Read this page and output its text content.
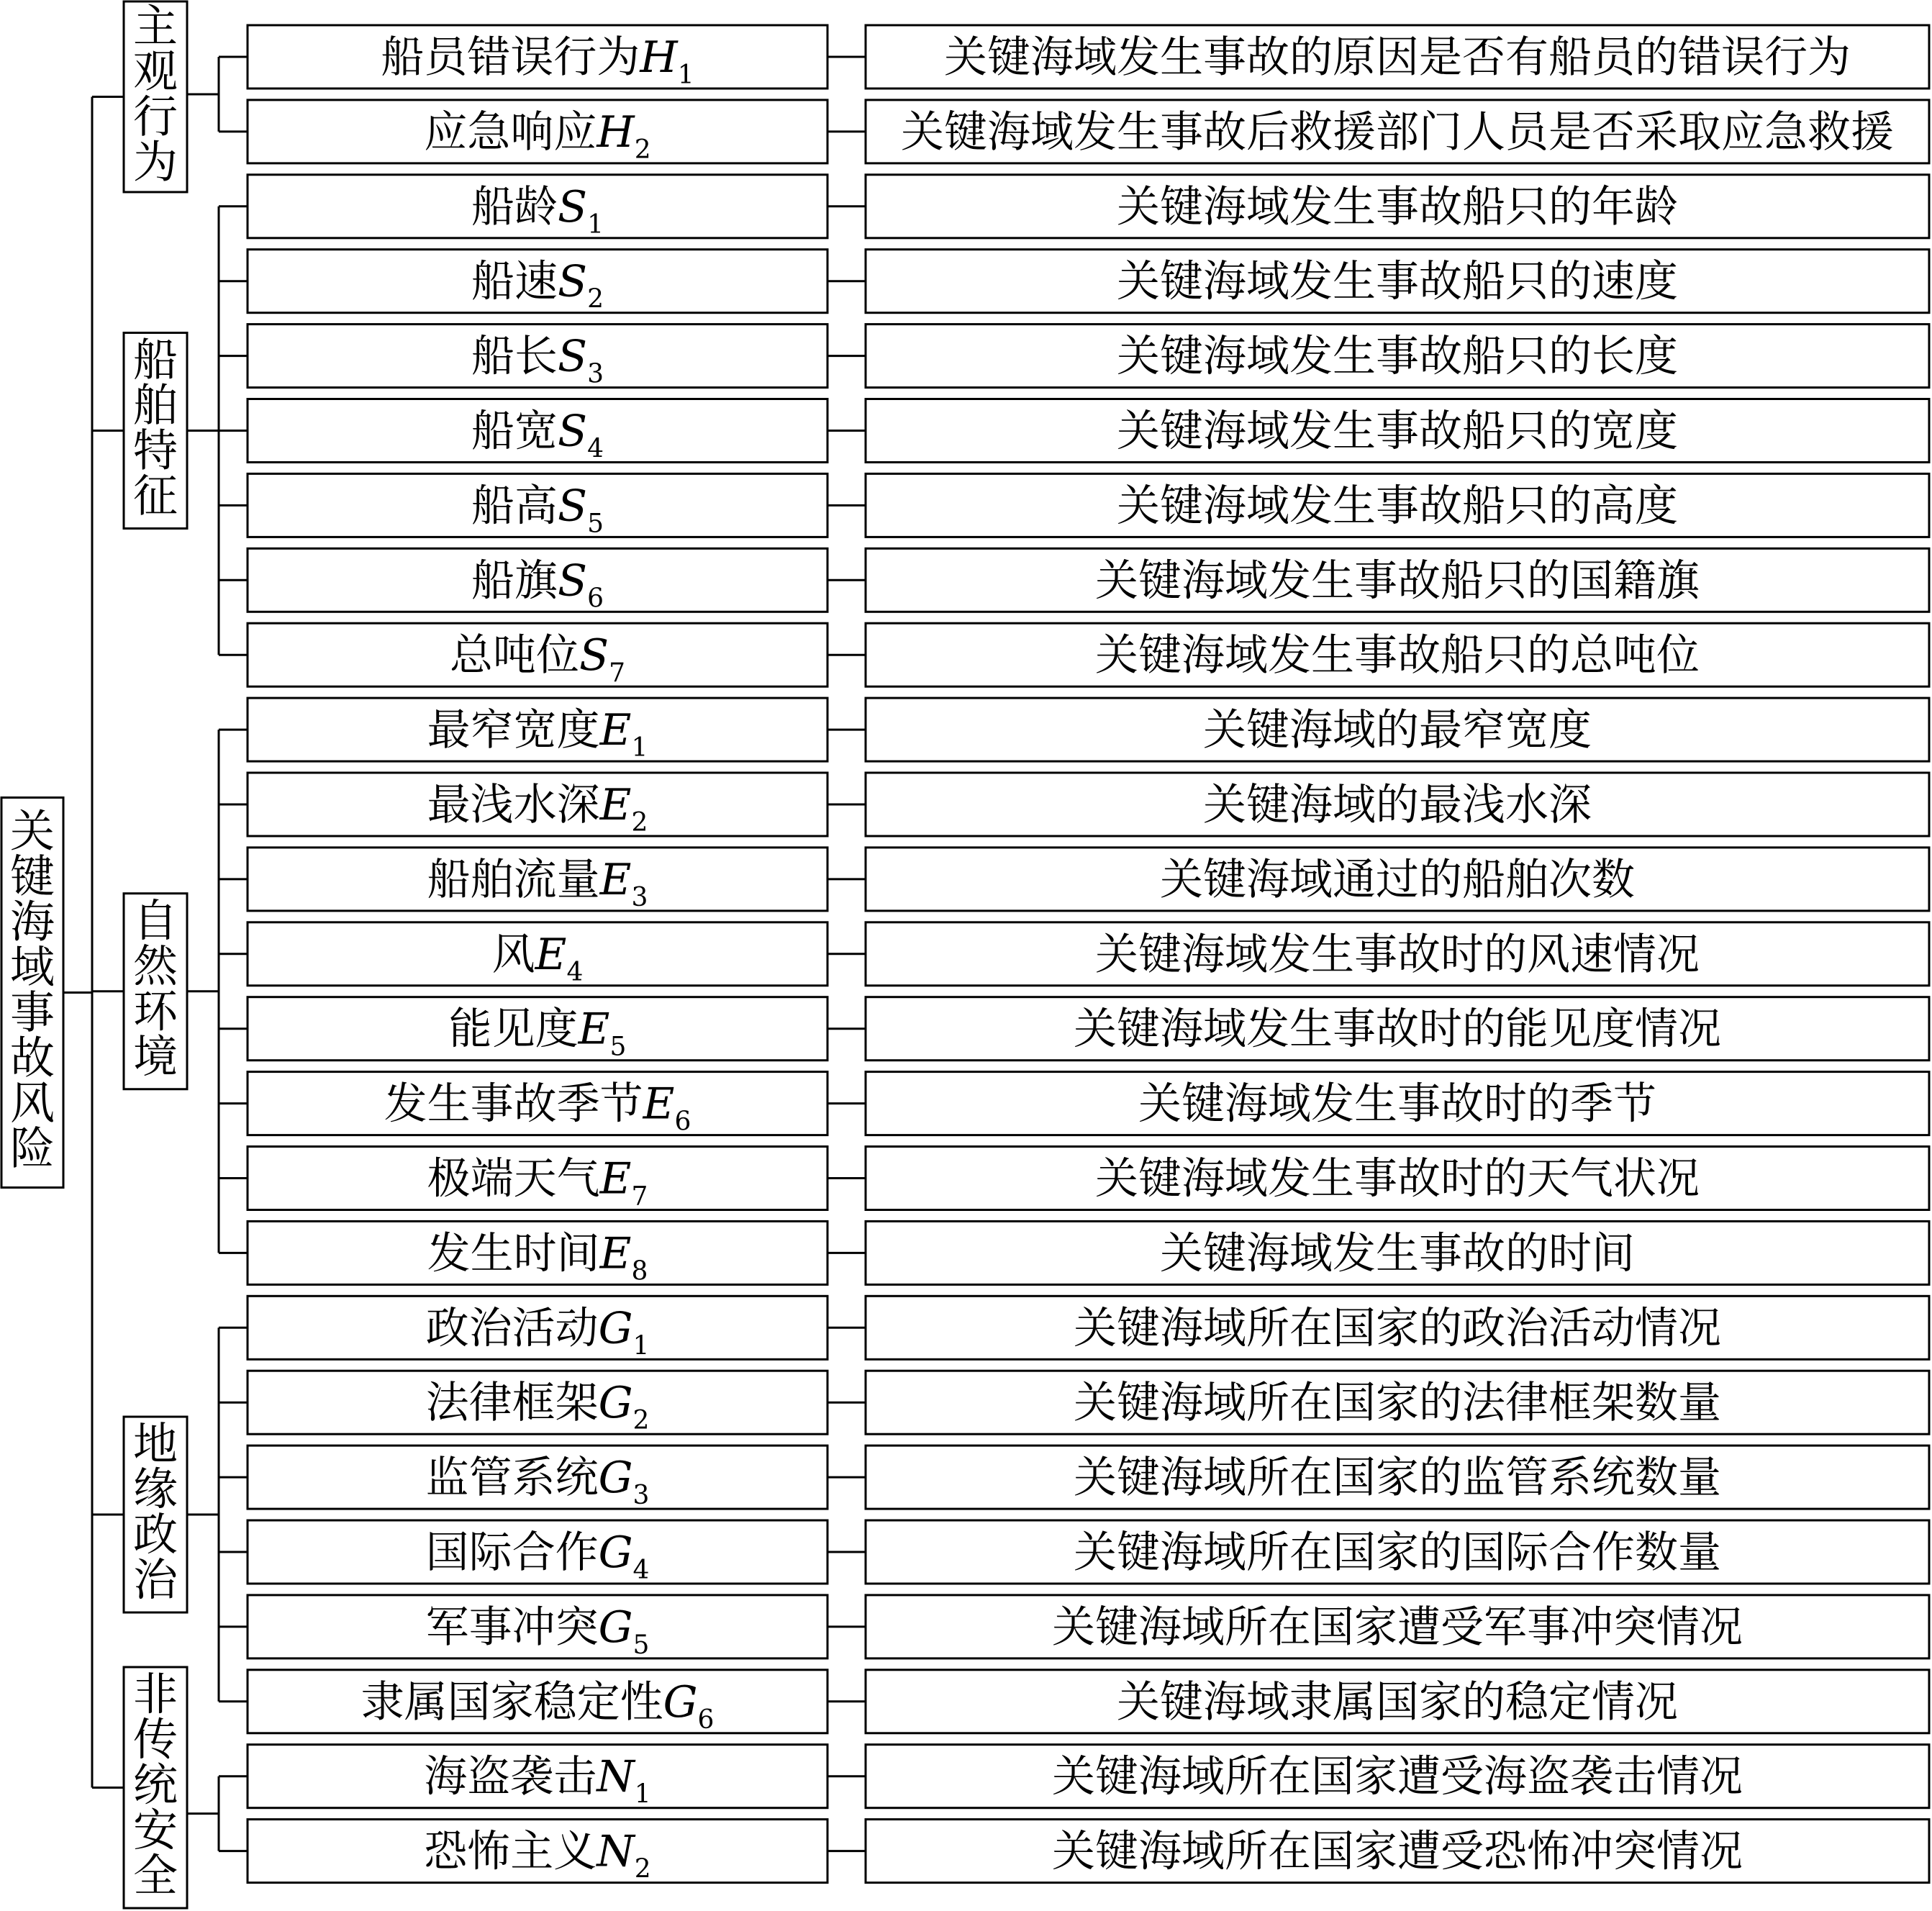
船员错误行为$H_1$	关键海域发生事故的原因是否有船员的错误行为
应急响应$H_2$	关键海域发生事故后救援部门人员是否采取应急救援
主观行为
船龄$S_1$	关键海域发生事故船只的年龄
船速$S_2$	关键海域发生事故船只的速度
船长$S_3$	关键海域发生事故船只的长度
船宽$S_4$	关键海域发生事故船只的宽度
船高$S_5$	关键海域发生事故船只的高度
船旗$S_6$	关键海域发生事故船只的国籍旗
总吨位$S_7$	关键海域发生事故船只的总吨位
船舶特征
最窄宽度$E_1$	关键海域的最窄宽度
最浅水深$E_2$	关键海域的最浅水深
船舶流量$E_3$	关键海域通过的船舶次数
风$E_4$	关键海域发生事故时的风速情况
能见度$E_5$	关键海域发生事故时的能见度情况
发生事故季节$E_6$	关键海域发生事故时的季节
极端天气$E_7$	关键海域发生事故时的天气状况
发生时间$E_8$	关键海域发生事故的时间
自然环境
政治活动$G_1$	关键海域所在国家的政治活动情况
法律框架$G_2$	关键海域所在国家的法律框架数量
监管系统$G_3$	关键海域所在国家的监管系统数量
国际合作$G_4$	关键海域所在国家的国际合作数量
军事冲突$G_5$	关键海域所在国家遭受军事冲突情况
隶属国家稳定性$G_6$	关键海域隶属国家的稳定情况
地缘政治
海盗袭击$N_1$	关键海域所在国家遭受海盗袭击情况
恐怖主义$N_2$	关键海域所在国家遭受恐怖冲突情况
非传统安全
关键海域事故风险
